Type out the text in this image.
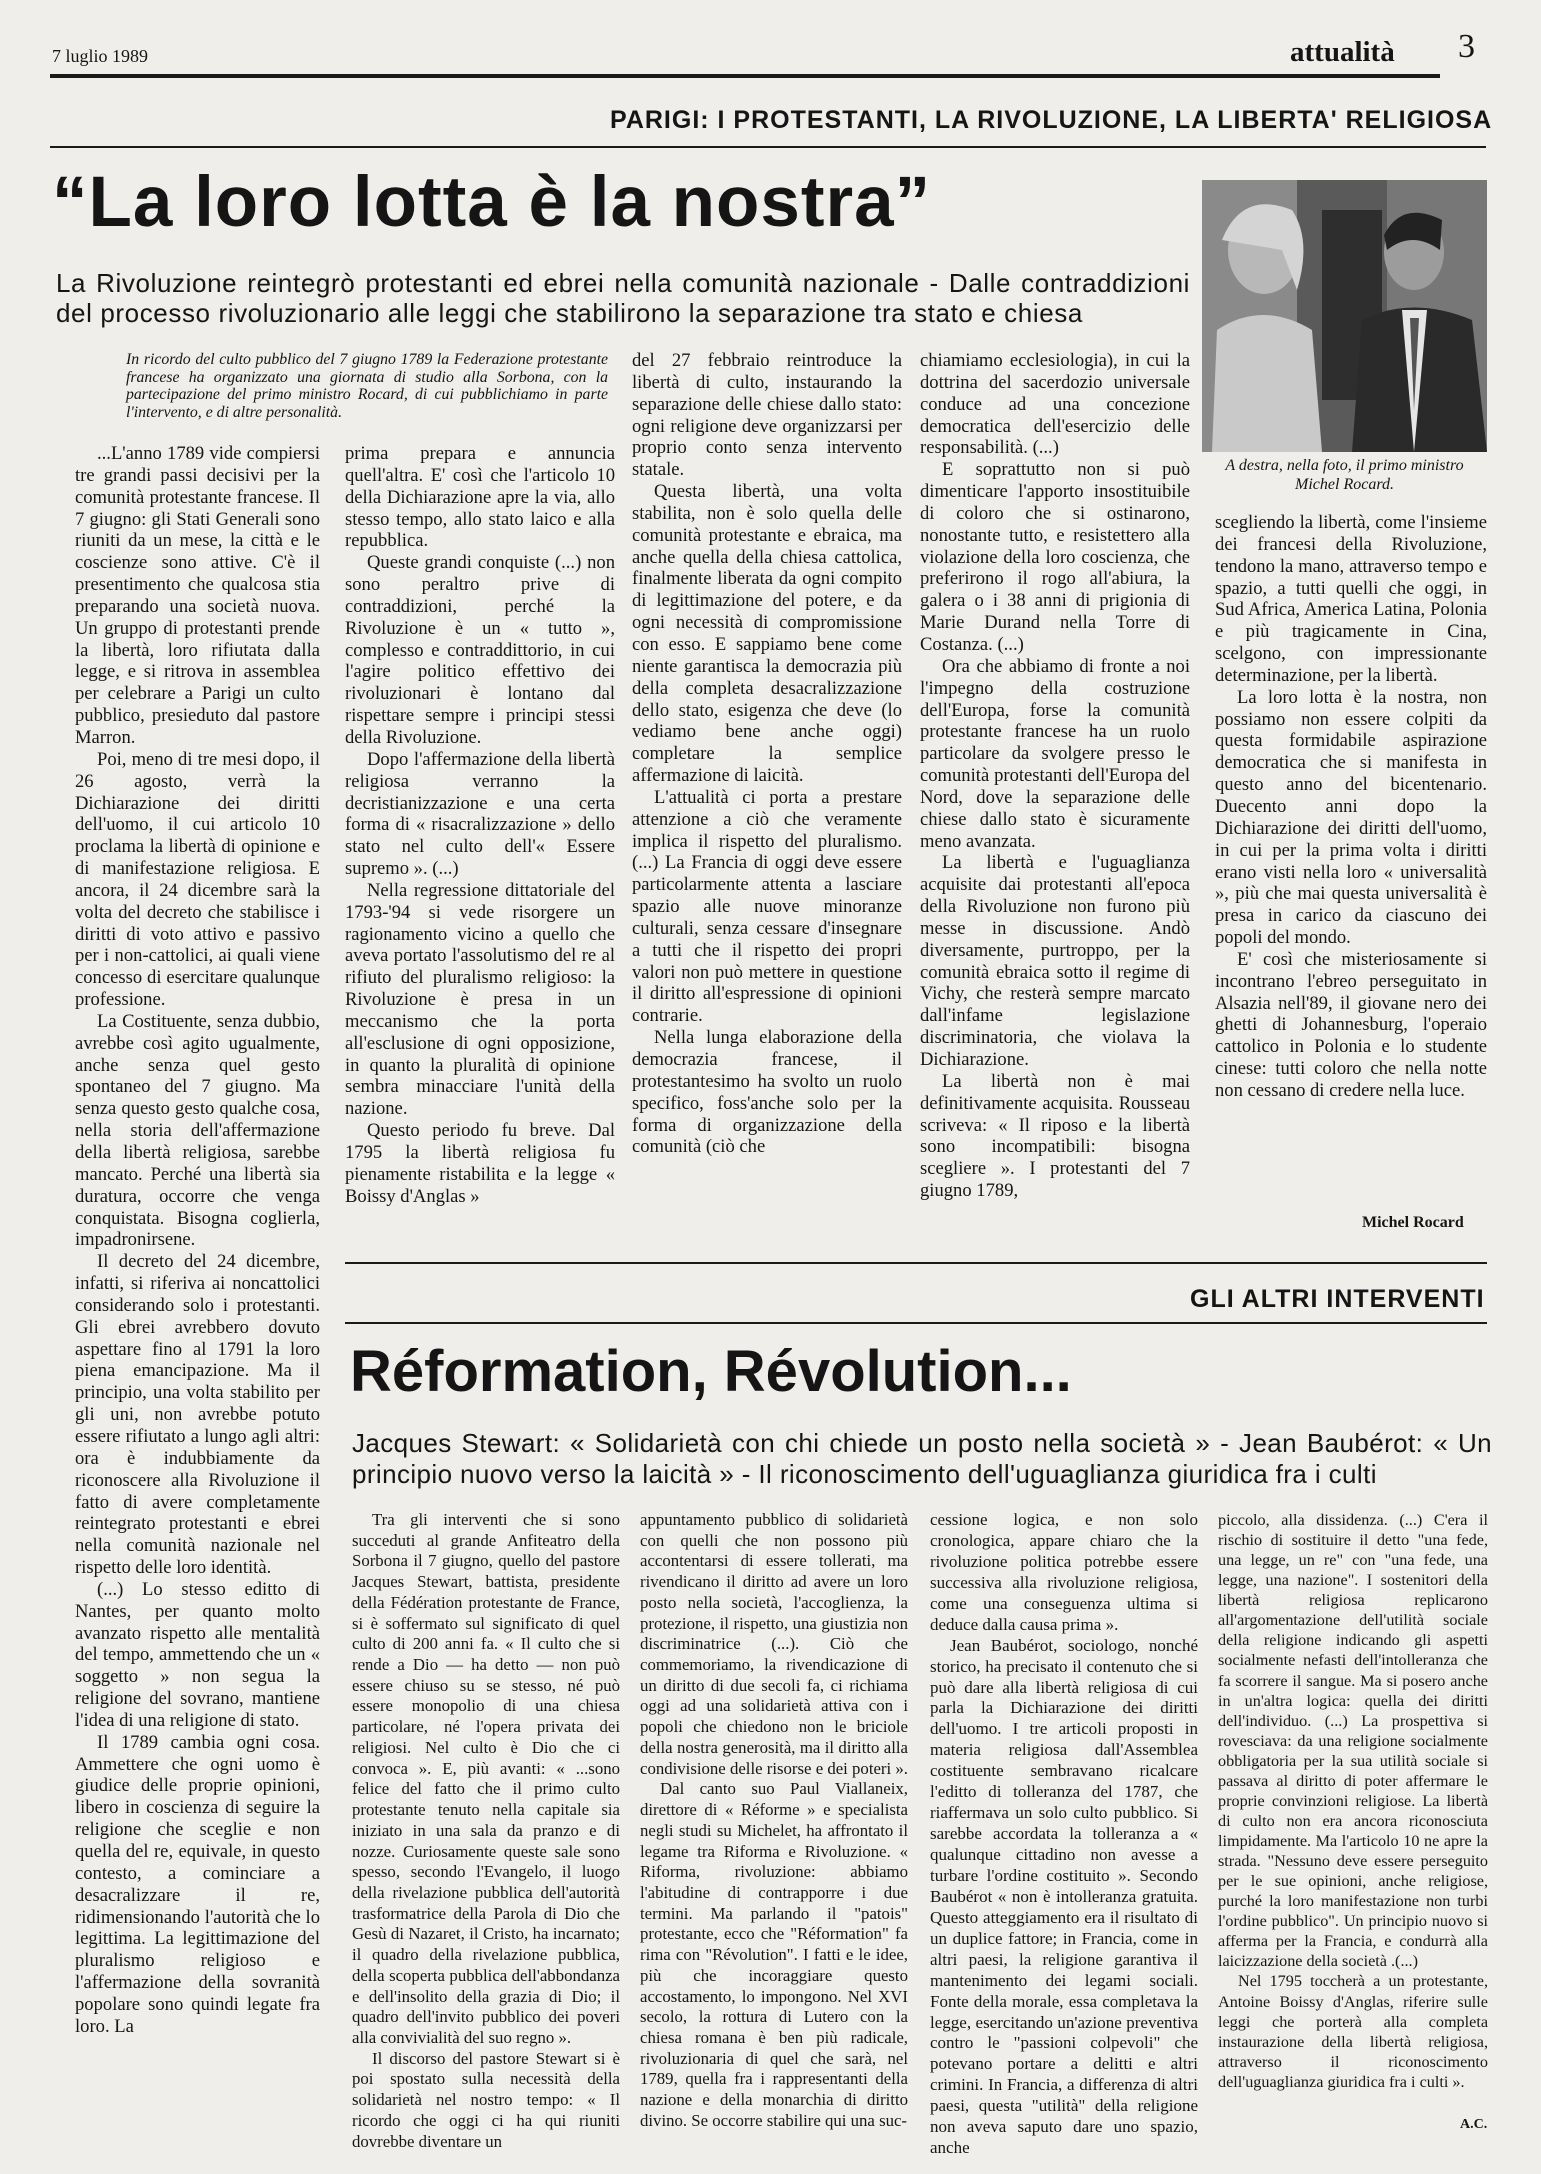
7 luglio 1989	attualità 3
PARIGI: I PROTESTANTI, LA RIVOLUZIONE, LA LIBERTA' RELIGIOSA
“La loro lotta è la nostra”
La Rivoluzione reintegrò protestanti ed ebrei nella comunità nazionale - Dalle contraddizioni del processo rivoluzionario alle leggi che stabilirono la separazione tra stato e chiesa
In ricordo del culto pubblico del 7 giugno 1789 la Federazione protestante francese ha organizzato una giornata di studio alla Sorbona, con la partecipazione del primo ministro Rocard, di cui pubblichiamo in parte l'intervento, e di altre personalità.
A destra, nella foto, il primo ministro Michel Rocard.

...L'anno 1789 vide compiersi tre grandi passi decisivi per la comunità protestante francese. Il 7 giugno: gli Stati Generali sono riuniti da un mese, la città e le coscienze sono attive. C'è il presentimento che qualcosa stia preparando una società nuova. Un gruppo di protestanti prende la libertà, loro rifiutata dalla legge, e si ritrova in assemblea per celebrare a Parigi un culto pubblico, presieduto dal pastore Marron.

Poi, meno di tre mesi dopo, il 26 agosto, verrà la Dichiarazione dei diritti dell'uomo, il cui articolo 10 proclama la libertà di opinione e di manifestazione religiosa. E ancora, il 24 dicembre sarà la volta del decreto che stabilisce i diritti di voto attivo e passivo per i non-cattolici, ai quali viene concesso di esercitare qualunque professione.

La Costituente, senza dubbio, avrebbe così agito ugualmente, anche senza quel gesto spontaneo del 7 giugno. Ma senza questo gesto qualche cosa, nella storia dell'affermazione della libertà religiosa, sarebbe mancato. Perché una libertà sia duratura, occorre che venga conquistata. Bisogna coglierla, impadronirsene.

Il decreto del 24 dicembre, infatti, si riferiva ai noncattolici considerando solo i protestanti. Gli ebrei avrebbero dovuto aspettare fino al 1791 la loro piena emancipazione. Ma il principio, una volta stabilito per gli uni, non avrebbe potuto essere rifiutato a lungo agli altri: ora è indubbiamente da riconoscere alla Rivoluzione il fatto di avere completamente reintegrato protestanti e ebrei nella comunità nazionale nel rispetto delle loro identità.

(...) Lo stesso editto di Nantes, per quanto molto avanzato rispetto alle mentalità del tempo, ammettendo che un « soggetto » non segua la religione del sovrano, mantiene l'idea di una religione di stato.

Il 1789 cambia ogni cosa. Ammettere che ogni uomo è giudice delle proprie opinioni, libero in coscienza di seguire la religione che sceglie e non quella del re, equivale, in questo contesto, a cominciare a desacralizzare il re, ridimensionando l'autorità che lo legittima. La legittimazione del pluralismo religioso e l'affermazione della sovranità popolare sono quindi legate fra loro. La

prima prepara e annuncia quell'altra. E' così che l'articolo 10 della Dichiarazione apre la via, allo stesso tempo, allo stato laico e alla repubblica.

Queste grandi conquiste (...) non sono peraltro prive di contraddizioni, perché la Rivoluzione è un « tutto », complesso e contraddittorio, in cui l'agire politico effettivo dei rivoluzionari è lontano dal rispettare sempre i principi stessi della Rivoluzione.

Dopo l'affermazione della libertà religiosa verranno la decristianizzazione e una certa forma di « risacralizzazione » dello stato nel culto dell'« Essere supremo ». (...)

Nella regressione dittatoriale del 1793-'94 si vede risorgere un ragionamento vicino a quello che aveva portato l'assolutismo del re al rifiuto del pluralismo religioso: la Rivoluzione è presa in un meccanismo che la porta all'esclusione di ogni opposizione, in quanto la pluralità di opinione sembra minacciare l'unità della nazione.

Questo periodo fu breve. Dal 1795 la libertà religiosa fu pienamente ristabilita e la legge « Boissy d'Anglas »

del 27 febbraio reintroduce la libertà di culto, instaurando la separazione delle chiese dallo stato: ogni religione deve organizzarsi per proprio conto senza intervento statale.

Questa libertà, una volta stabilita, non è solo quella delle comunità protestante e ebraica, ma anche quella della chiesa cattolica, finalmente liberata da ogni compito di legittimazione del potere, e da ogni necessità di compromissione con esso. E sappiamo bene come niente garantisca la democrazia più della completa desacralizzazione dello stato, esigenza che deve (lo vediamo bene anche oggi) completare la semplice affermazione di laicità.

L'attualità ci porta a prestare attenzione a ciò che veramente implica il rispetto del pluralismo. (...) La Francia di oggi deve essere particolarmente attenta a lasciare spazio alle nuove minoranze culturali, senza cessare d'insegnare a tutti che il rispetto dei propri valori non può mettere in questione il diritto all'espressione di opinioni contrarie.

Nella lunga elaborazione della democrazia francese, il protestantesimo ha svolto un ruolo specifico, foss'anche solo per la forma di organizzazione della comunità (ciò che

chiamiamo ecclesiologia), in cui la dottrina del sacerdozio universale conduce ad una concezione democratica dell'esercizio delle responsabilità. (...)

E soprattutto non si può dimenticare l'apporto insostituibile di coloro che si ostinarono, nonostante tutto, e resistettero alla violazione della loro coscienza, che preferirono il rogo all'abiura, la galera o i 38 anni di prigionia di Marie Durand nella Torre di Costanza. (...)

Ora che abbiamo di fronte a noi l'impegno della costruzione dell'Europa, forse la comunità protestante francese ha un ruolo particolare da svolgere presso le comunità protestanti dell'Europa del Nord, dove la separazione delle chiese dallo stato è sicuramente meno avanzata.

La libertà e l'uguaglianza acquisite dai protestanti all'epoca della Rivoluzione non furono più messe in discussione. Andò diversamente, purtroppo, per la comunità ebraica sotto il regime di Vichy, che resterà sempre marcato dall'infame legislazione discriminatoria, che violava la Dichiarazione.

La libertà non è mai definitivamente acquisita. Rousseau scriveva: « Il riposo e la libertà sono incompatibili: bisogna scegliere ». I protestanti del 7 giugno 1789,

scegliendo la libertà, come l'insieme dei francesi della Rivoluzione, tendono la mano, attraverso tempo e spazio, a tutti quelli che oggi, in Sud Africa, America Latina, Polonia e più tragicamente in Cina, scelgono, con impressionante determinazione, per la libertà.

La loro lotta è la nostra, non possiamo non essere colpiti da questa formidabile aspirazione democratica che si manifesta in questo anno del bicentenario. Duecento anni dopo la Dichiarazione dei diritti dell'uomo, in cui per la prima volta i diritti erano visti nella loro « universalità », più che mai questa universalità è presa in carico da ciascuno dei popoli del mondo.

E' così che misteriosamente si incontrano l'ebreo perseguitato in Alsazia nell'89, il giovane nero dei ghetti di Johannesburg, l'operaio cattolico in Polonia e lo studente cinese: tutti coloro che nella notte non cessano di credere nella luce.

Michel Rocard
GLI ALTRI INTERVENTI
Réformation, Révolution...
Jacques Stewart: « Solidarietà con chi chiede un posto nella società » - Jean Baubérot: « Un principio nuovo verso la laicità » - Il riconoscimento dell'uguaglianza giuridica fra i culti

Tra gli interventi che si sono succeduti al grande Anfiteatro della Sorbona il 7 giugno, quello del pastore Jacques Stewart, battista, presidente della Fédération protestante de France, si è soffermato sul significato di quel culto di 200 anni fa. « Il culto che si rende a Dio — ha detto — non può essere chiuso su se stesso, né può essere monopolio di una chiesa particolare, né l'opera privata dei religiosi. Nel culto è Dio che ci convoca ». E, più avanti: « ...sono felice del fatto che il primo culto protestante tenuto nella capitale sia iniziato in una sala da pranzo e di nozze. Curiosamente queste sale sono spesso, secondo l'Evangelo, il luogo della rivelazione pubblica dell'autorità trasformatrice della Parola di Dio che Gesù di Nazaret, il Cristo, ha incarnato; il quadro della rivelazione pubblica, della scoperta pubblica dell'abbondanza e dell'insolito della grazia di Dio; il quadro dell'invito pubblico dei poveri alla convivialità del suo regno ».

Il discorso del pastore Stewart si è poi spostato sulla necessità della solidarietà nel nostro tempo: « Il ricordo che oggi ci ha qui riuniti dovrebbe diventare un

appuntamento pubblico di solidarietà con quelli che non possono più accontentarsi di essere tollerati, ma rivendicano il diritto ad avere un loro posto nella società, l'accoglienza, la protezione, il rispetto, una giustizia non discriminatrice (...). Ciò che commemoriamo, la rivendicazione di un diritto di due secoli fa, ci richiama oggi ad una solidarietà attiva con i popoli che chiedono non le briciole della nostra generosità, ma il diritto alla condivisione delle risorse e dei poteri ».

Dal canto suo Paul Viallaneix, direttore di « Réforme » e specialista negli studi su Michelet, ha affrontato il legame tra Riforma e Rivoluzione. « Riforma, rivoluzione: abbiamo l'abitudine di contrapporre i due termini. Ma parlando il "patois" protestante, ecco che "Réformation" fa rima con "Révolution". I fatti e le idee, più che incoraggiare questo accostamento, lo impongono. Nel XVI secolo, la rottura di Lutero con la chiesa romana è ben più radicale, rivoluzionaria di quel che sarà, nel 1789, quella fra i rappresentanti della nazione e della monarchia di diritto divino. Se occorre stabilire qui una suc-

cessione logica, e non solo cronologica, appare chiaro che la rivoluzione politica potrebbe essere successiva alla rivoluzione religiosa, come una conseguenza ultima si deduce dalla causa prima ».

Jean Baubérot, sociologo, nonché storico, ha precisato il contenuto che si può dare alla libertà religiosa di cui parla la Dichiarazione dei diritti dell'uomo. I tre articoli proposti in materia religiosa dall'Assemblea costituente sembravano ricalcare l'editto di tolleranza del 1787, che riaffermava un solo culto pubblico. Si sarebbe accordata la tolleranza a « qualunque cittadino non avesse a turbare l'ordine costituito ». Secondo Baubérot « non è intolleranza gratuita. Questo atteggiamento era il risultato di un duplice fattore; in Francia, come in altri paesi, la religione garantiva il mantenimento dei legami sociali. Fonte della morale, essa completava la legge, esercitando un'azione preventiva contro le "passioni colpevoli" che potevano portare a delitti e altri crimini. In Francia, a differenza di altri paesi, questa "utilità" della religione non aveva saputo dare uno spazio, anche

piccolo, alla dissidenza. (...) C'era il rischio di sostituire il detto "una fede, una legge, un re" con "una fede, una legge, una nazione". I sostenitori della libertà religiosa replicarono all'argomentazione dell'utilità sociale della religione indicando gli aspetti socialmente nefasti dell'intolleranza che fa scorrere il sangue. Ma si posero anche in un'altra logica: quella dei diritti dell'individuo. (...) La prospettiva si rovesciava: da una religione socialmente obbligatoria per la sua utilità sociale si passava al diritto di poter affermare le proprie convinzioni religiose. La libertà di culto non era ancora riconosciuta limpidamente. Ma l'articolo 10 ne apre la strada. "Nessuno deve essere perseguito per le sue opinioni, anche religiose, purché la loro manifestazione non turbi l'ordine pubblico". Un principio nuovo si afferma per la Francia, e condurrà alla laicizzazione della società .(...)

Nel 1795 toccherà a un protestante, Antoine Boissy d'Anglas, riferire sulle leggi che porterà alla completa instaurazione della libertà religiosa, attraverso il riconoscimento dell'uguaglianza giuridica fra i culti ».

A.C.
